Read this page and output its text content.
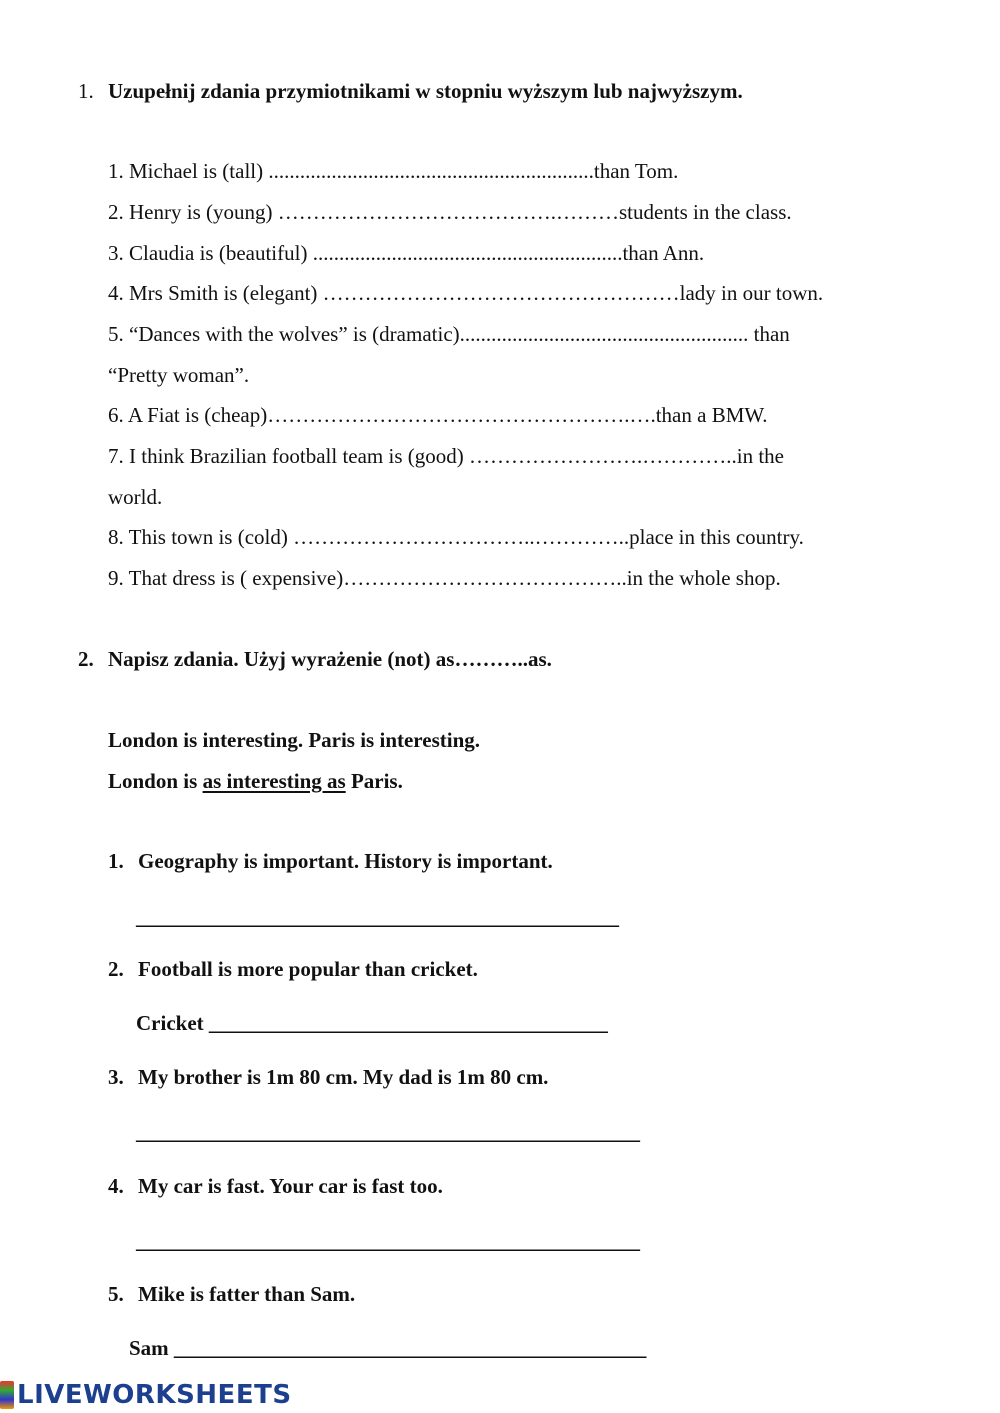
1. Uzupełnij zdania przymiotnikami w stopniu wyższym lub najwyższym.
1. Michael is (tall) ..............................................................than Tom.
2. Henry is (young) ………………………………….………students in the class.
3. Claudia is (beautiful) ...........................................................than Ann.
4. Mrs Smith is (elegant) ……………………………………………lady in our town.
5. “Dances with the wolves” is (dramatic)....................................................... than
“Pretty woman”.
6. A Fiat is (cheap)…………………………………………….….than a BMW.
7. I think Brazilian football team is (good) …………………….…………..in the
world.
8. This town is (cold) ……………………………..…………..place in this country.
9. That dress is ( expensive)…………………………………..in the whole shop.
2. Napisz zdania. Użyj wyrażenie (not) as………..as.
London is interesting. Paris is interesting.
London is as interesting as Paris.
1. Geography is important. History is important.
______________________________________________
2. Football is more popular than cricket.
Cricket ______________________________________
3. My brother is 1m 80 cm. My dad is 1m 80 cm.
________________________________________________
4. My car is fast. Your car is fast too.
________________________________________________
5. Mike is fatter than Sam.
Sam _____________________________________________
LIVEWORKSHEETS
